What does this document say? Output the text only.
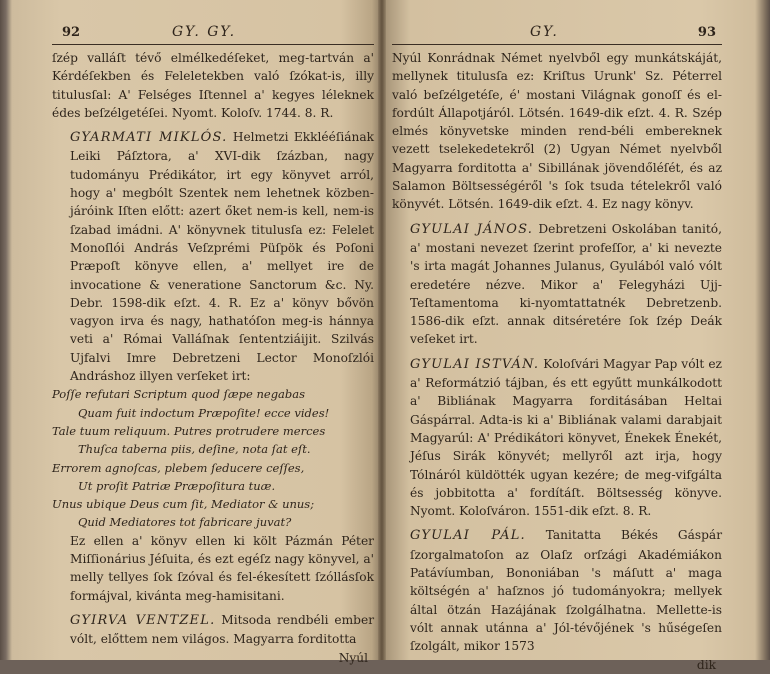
92	GY. GY.

ſzép valláſt tévő elmélkedéſeket, meg-tartván a' Kérdéſekben és Feleletekben való ſzókat-is, illy titulusſal: A' Felséges Iſtennel a' kegyes léleknek édes beſzélgetéſei. Nyomt. Koloſv. 1744. 8. R.

GYARMATI MIKLÓS. Helmetzi Ekklééſiának Leiki Páſztora, a' XVI-dik ſzázban, nagy tudományu Prédikátor, irt egy könyvet arról, hogy a' megbólt Szentek nem lehetnek közben-járóink Iſten előtt: azert őket nem-is kell, nem-is ſzabad imádni. A' könyvnek titulusſa ez: Felelet Monoſlói András Veſzprémi Püſpök és Poſoni Præpoſt könyve ellen, a' mellyet ire de invocatione & veneratione Sanctorum &c. Ny. Debr. 1598-dik eſzt. 4. R. Ez a' könyv bővön vagyon irva és nagy, hathatóſon meg-is hánnya veti a' Római Valláſnak ſententziáijit. Szilvás Ujfalvi Imre Debretzeni Lector Monoſzlói Andráshoz illyen verſeket irt:

Poſſe refutari Scriptum quod ſæpe negabas
Quam fuit indoctum Præpoſite! ecce vides!
Tale tuum reliquum. Putres protrudere merces
Thuſca taberna piis, deſine, nota ſat eſt.
Errorem agnoſcas, plebem ſeducere ceſſes,
Ut proſit Patriæ Præpoſitura tuæ.
Unus ubique Deus cum ſit, Mediator & unus;
Quid Mediatores tot fabricare juvat?

Ez ellen a' könyv ellen ki költ Pázmán Péter Miſſionárius Jéſuita, és ezt egéſz nagy könyvel, a' melly tellyes ſok ſzóval és fel-ékesített ſzóllásſok formájval, kivánta meg-hamisitani.

GYIRVA VENTZEL. Mitsoda rendbéli ember vólt, előttem nem világos. Magyarra forditotta

Nyúl
GY.	93

Nyúl Konrádnak Német nyelvből egy munkátskáját, mellynek titulusſa ez: Kriſtus Urunk' Sz. Péterrel való beſzélgetéſe, é' mostani Világnak gonoſſ és el-fordúlt Állapotjáról. Lötsén. 1649-dik eſzt. 4. R. Szép elmés könyvetske minden rend-béli embereknek vezett tselekedetekről (2) Ugyan Német nyelvből Magyarra forditotta a' Sibillának jövendőléſét, és az Salamon Böltsességéről 's ſok tsuda tételekről való könyvét. Lötsén. 1649-dik eſzt. 4. Ez nagy könyv.

GYULAI JÁNOS. Debretzeni Oskolában tanitó, a' mostani nevezet ſzerint profeſſor, a' ki nevezte 's irta magát Johannes Julanus, Gyulából való vólt eredetére nézve. Mikor a' Felegyházi Ujj-Teſtamentoma ki-nyomtattatnék Debretzenb. 1586-dik eſzt. annak ditséretére ſok ſzép Deák veſeket irt.

GYULAI ISTVÁN. Koloſvári Magyar Pap vólt ez a' Reformátzió tájban, és ett egyűtt munkálkodott a' Bibliának Magyarra forditásában Heltai Gáspárral. Adta-is ki a' Bibliának valami darabjait Magyarúl: A' Prédikátori könyvet, Énekek Énekét, Jéſus Sirák könyvét; mellyről azt irja, hogy Tólnáról küldötték ugyan kezére; de meg-vifgálta és jobbitotta a' fordítáſt. Böltsesség könyve. Nyomt. Koloſváron. 1551-dik eſzt. 8. R.

GYULAI PÁL. Tanitatta Békés Gáspár ſzorgalmatoſon az Olaſz orſzági Akadémiákon Patávíumban, Bononiában 's máſutt a' maga költségén a' haſznos jó tudományokra; mellyek által ötzán Hazájának ſzolgálhatna. Mellette-is vólt annak utánna a' Jól-tévőjének 's hűségeſen ſzolgált, mikor 1573

dik
